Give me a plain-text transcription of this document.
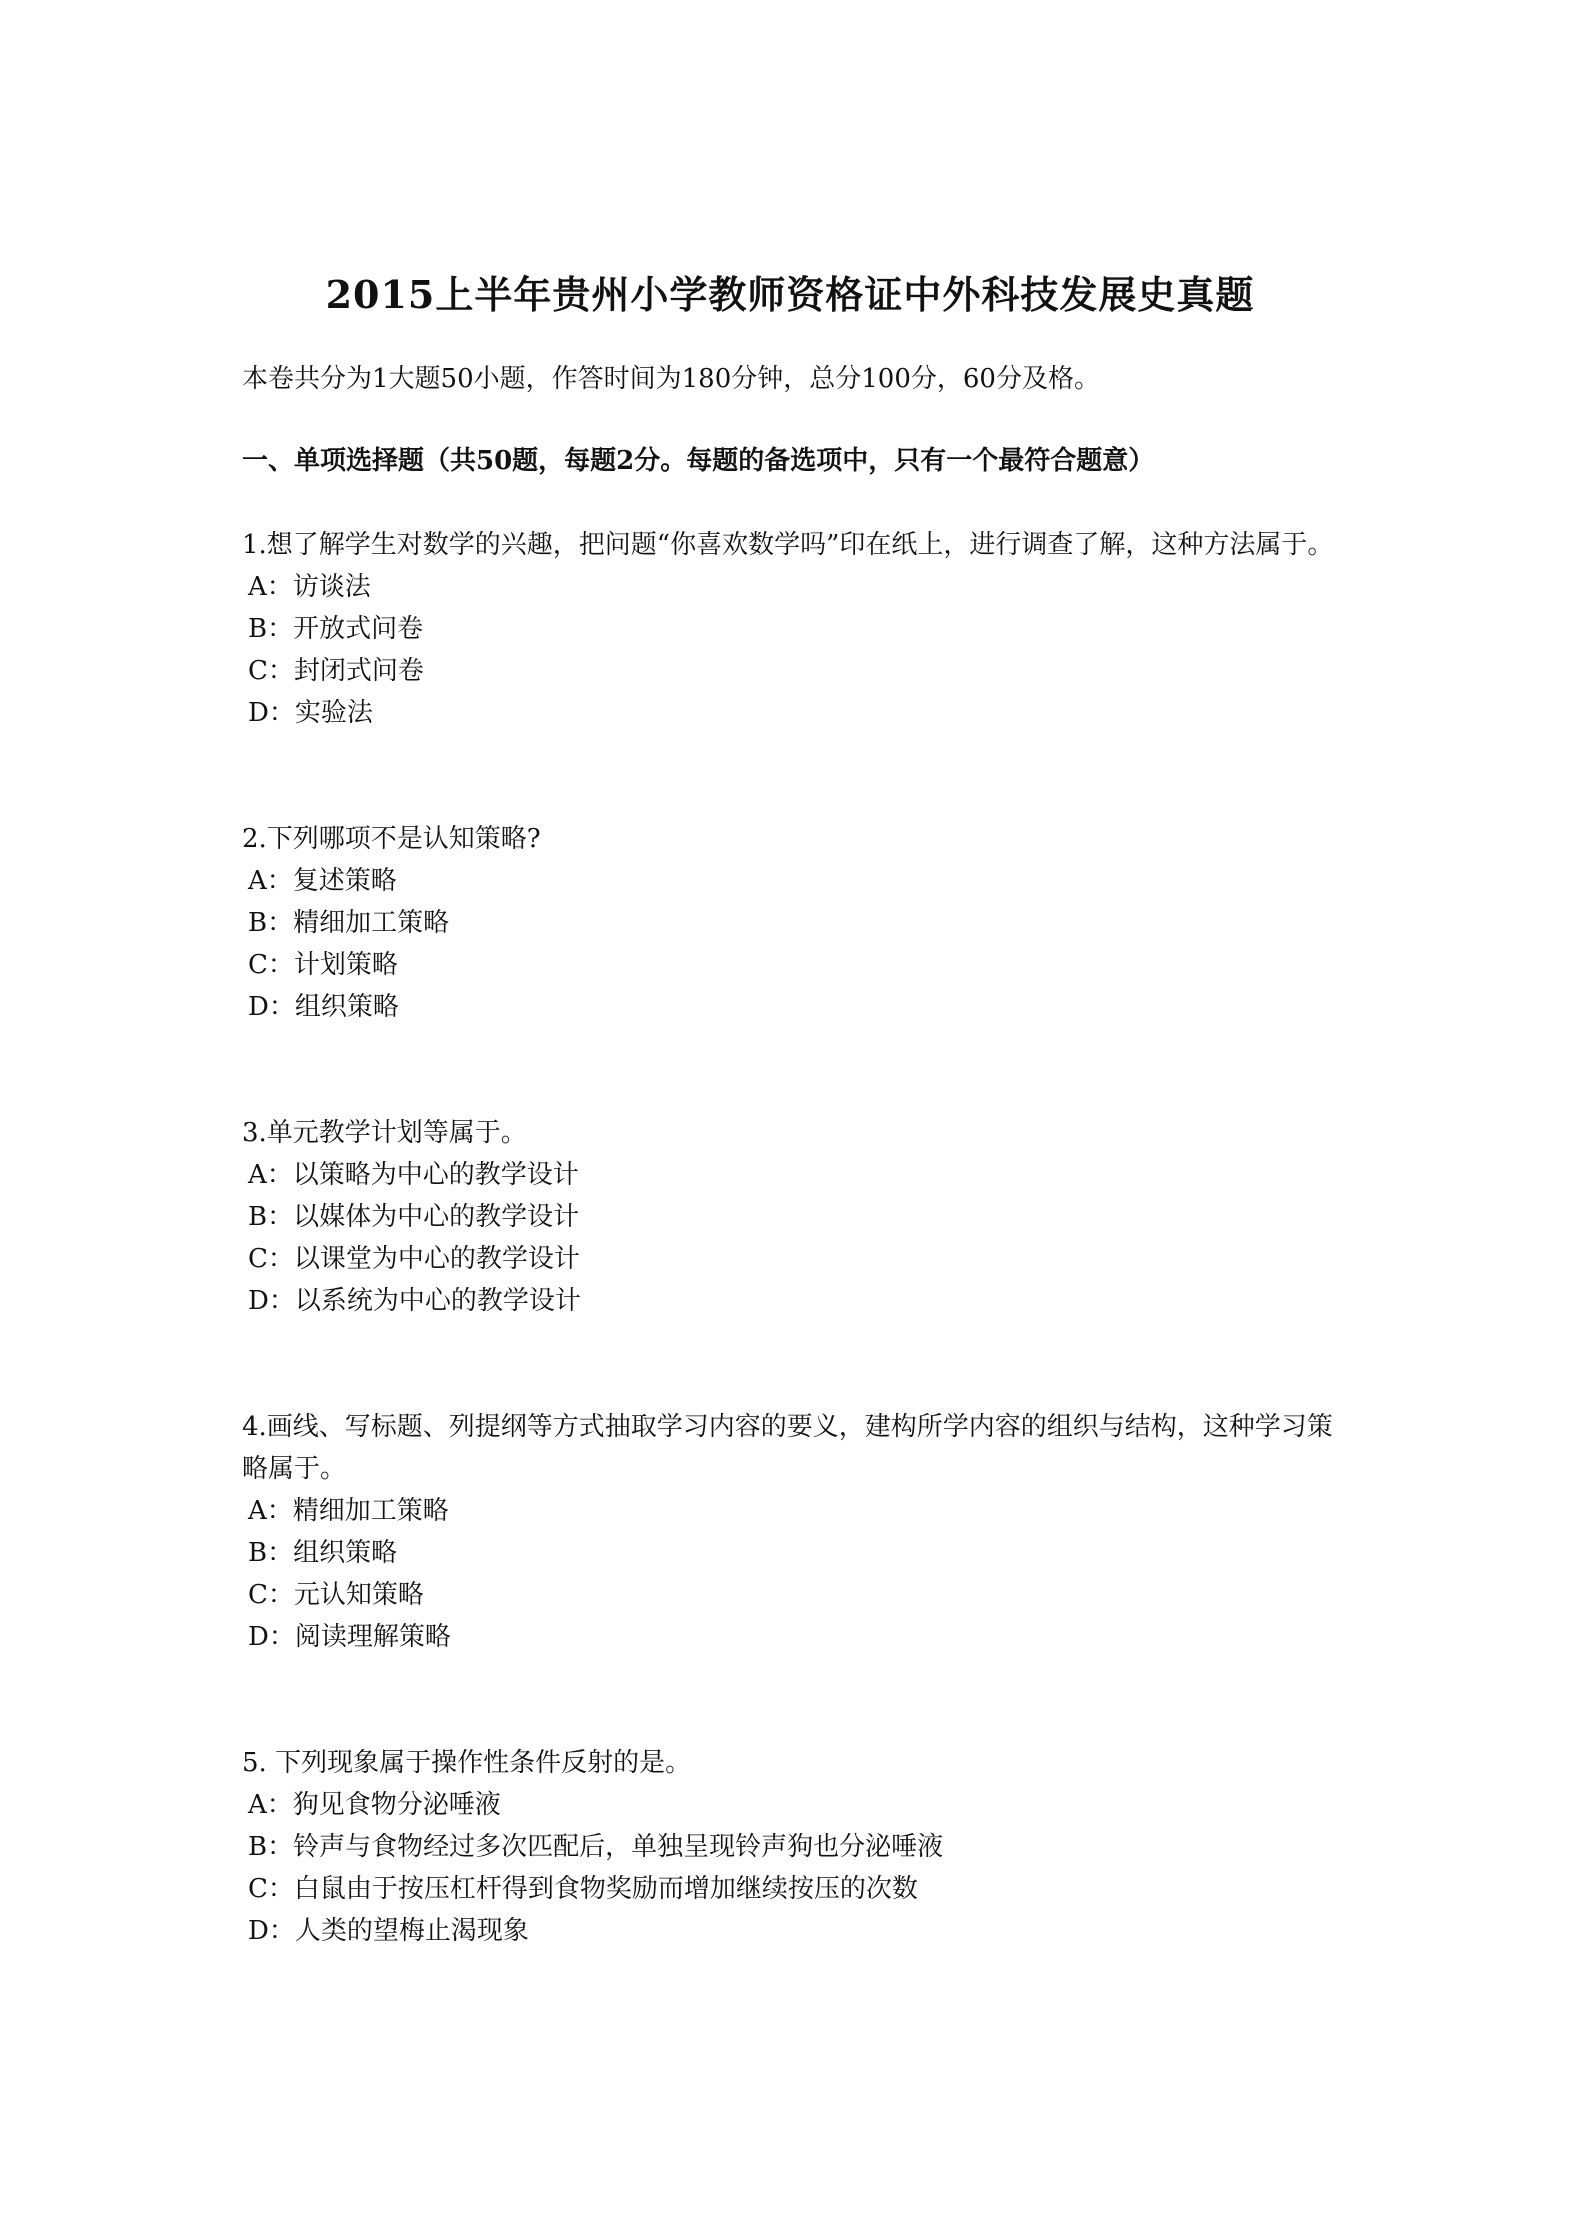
2015上半年贵州小学教师资格证中外科技发展史真题

本卷共分为1大题50小题，作答时间为180分钟，总分100分，60分及格。

一、单项选择题（共50题，每题2分。每题的备选项中，只有一个最符合题意）

1.想了解学生对数学的兴趣，把问题“你喜欢数学吗”印在纸上，进行调查了解，这种方法属于。

A：访谈法
B：开放式问卷
C：封闭式问卷
D：实验法

2.下列哪项不是认知策略?

A：复述策略
B：精细加工策略
C：计划策略
D：组织策略

3.单元教学计划等属于。

A：以策略为中心的教学设计
B：以媒体为中心的教学设计
C：以课堂为中心的教学设计
D：以系统为中心的教学设计

4.画线、写标题、列提纲等方式抽取学习内容的要义，建构所学内容的组织与结构，这种学习策略属于。

A：精细加工策略
B：组织策略
C：元认知策略
D：阅读理解策略

5. 下列现象属于操作性条件反射的是。

A：狗见食物分泌唾液
B：铃声与食物经过多次匹配后，单独呈现铃声狗也分泌唾液
C：白鼠由于按压杠杆得到食物奖励而增加继续按压的次数
D：人类的望梅止渴现象
